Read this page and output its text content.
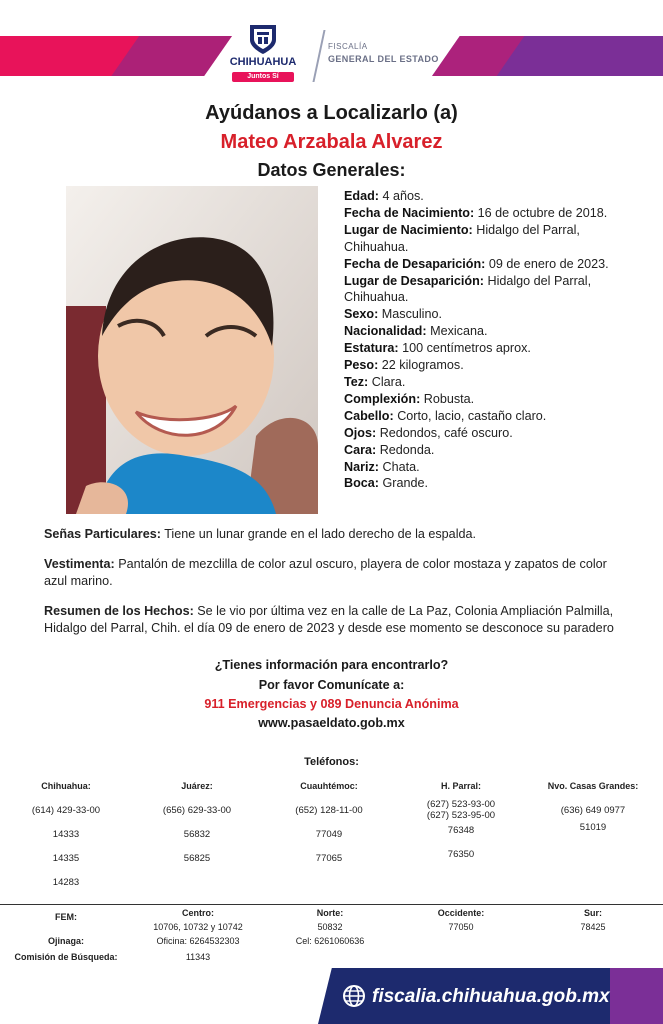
CHIHUAHUA
Juntos Sí podemos
FISCALÍA
GENERAL DEL ESTADO
Ayúdanos a Localizarlo (a)
Mateo Arzabala Alvarez
Datos Generales:
Edad: 4 años.
Fecha de Nacimiento: 16 de octubre de 2018.
Lugar de Nacimiento: Hidalgo del Parral, Chihuahua.
Fecha de Desaparición: 09 de enero de 2023.
Lugar de Desaparición: Hidalgo del Parral, Chihuahua.
Sexo: Masculino.
Nacionalidad: Mexicana.
Estatura: 100 centímetros aprox.
Peso: 22 kilogramos.
Tez: Clara.
Complexión: Robusta.
Cabello: Corto, lacio, castaño claro.
Ojos: Redondos, café oscuro.
Cara: Redonda.
Nariz: Chata.
Boca: Grande.
Señas Particulares: Tiene un lunar grande en el lado derecho de la espalda.
Vestimenta: Pantalón de mezclilla de color azul oscuro, playera de color mostaza y zapatos de color azul marino.
Resumen de los Hechos: Se le vio por última vez en la calle de La Paz, Colonia Ampliación Palmilla, Hidalgo del Parral, Chih. el día 09 de enero de 2023 y desde ese momento se desconoce su paradero
¿Tienes información para encontrarlo?
Por favor Comunícate a:
911 Emergencias y 089 Denuncia Anónima
www.pasaeldato.gob.mx
Teléfonos:
Chihuahua:
(614) 429-33-00
14333
14335
14283
Juárez:
(656) 629-33-00
56832
56825
Cuauhtémoc:
(652) 128-11-00
77049
77065
H. Parral:
(627) 523-93-00
(627) 523-95-00
76348
76350
Nvo. Casas Grandes:
(636) 649 0977
51019
FEM:
Ojinaga:
Comisión de Búsqueda:
Centro:
10706, 10732 y 10742
Oficina: 6264532303
11343
Norte:
50832
Cel: 6261060636
Occidente:
77050
Sur:
78425
fiscalia.chihuahua.gob.mx
